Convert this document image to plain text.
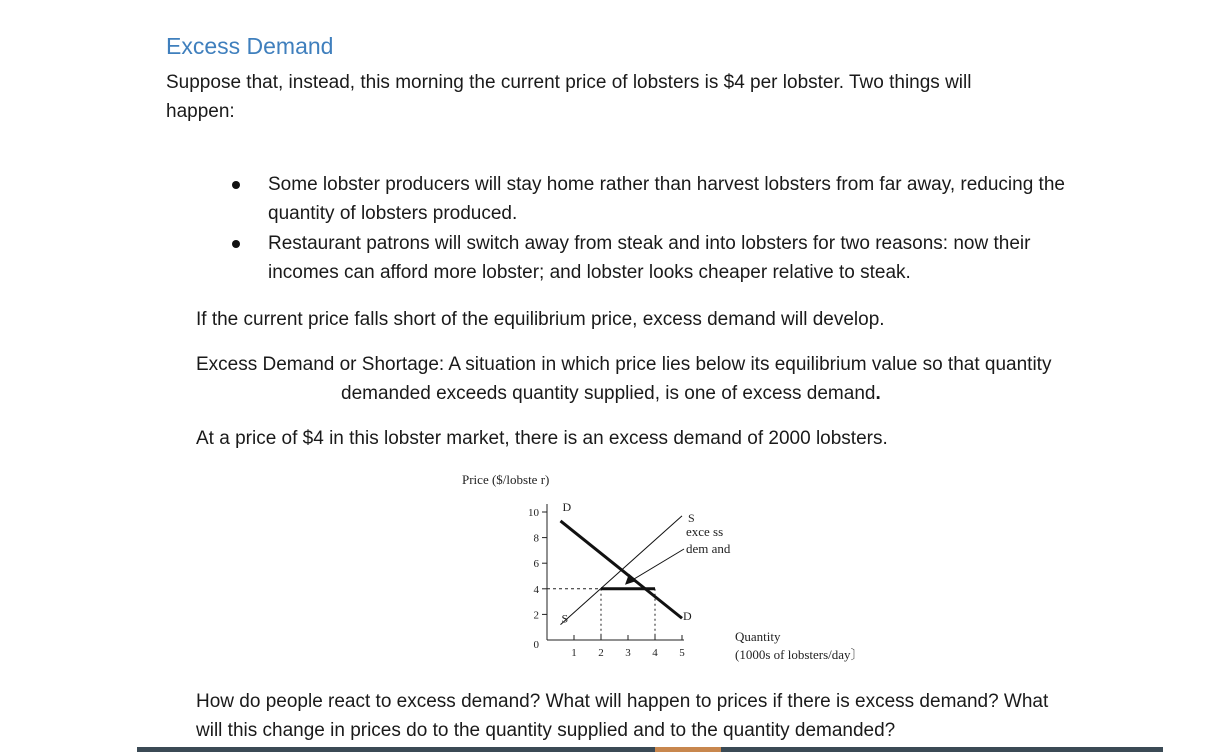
Excess Demand
Suppose that, instead, this morning the current price of lobsters is $4 per lobster. Two things will
happen:
Some lobster producers will stay home rather than harvest lobsters from far away, reducing the
quantity of lobsters produced.
Restaurant patrons will switch away from steak and into lobsters for two reasons: now their
incomes can afford more lobster; and lobster looks cheaper relative to steak.
If the current price falls short of the equilibrium price, excess demand will develop.
Excess Demand or Shortage: A situation in which price lies below its equilibrium value so that quantity
demanded exceeds quantity supplied, is one of excess demand.
At a price of $4 in this lobster market, there is an excess demand of 2000 lobsters.
Price ($/lobste r)
Quantity
(1000s of lobsters/day〕
exce ss
dem and
0
2
4
6
8
10
1 2 3 4 5
D
D
S
S
How do people react to excess demand? What will happen to prices if there is excess demand? What
will this change in prices do to the quantity supplied and to the quantity demanded?
